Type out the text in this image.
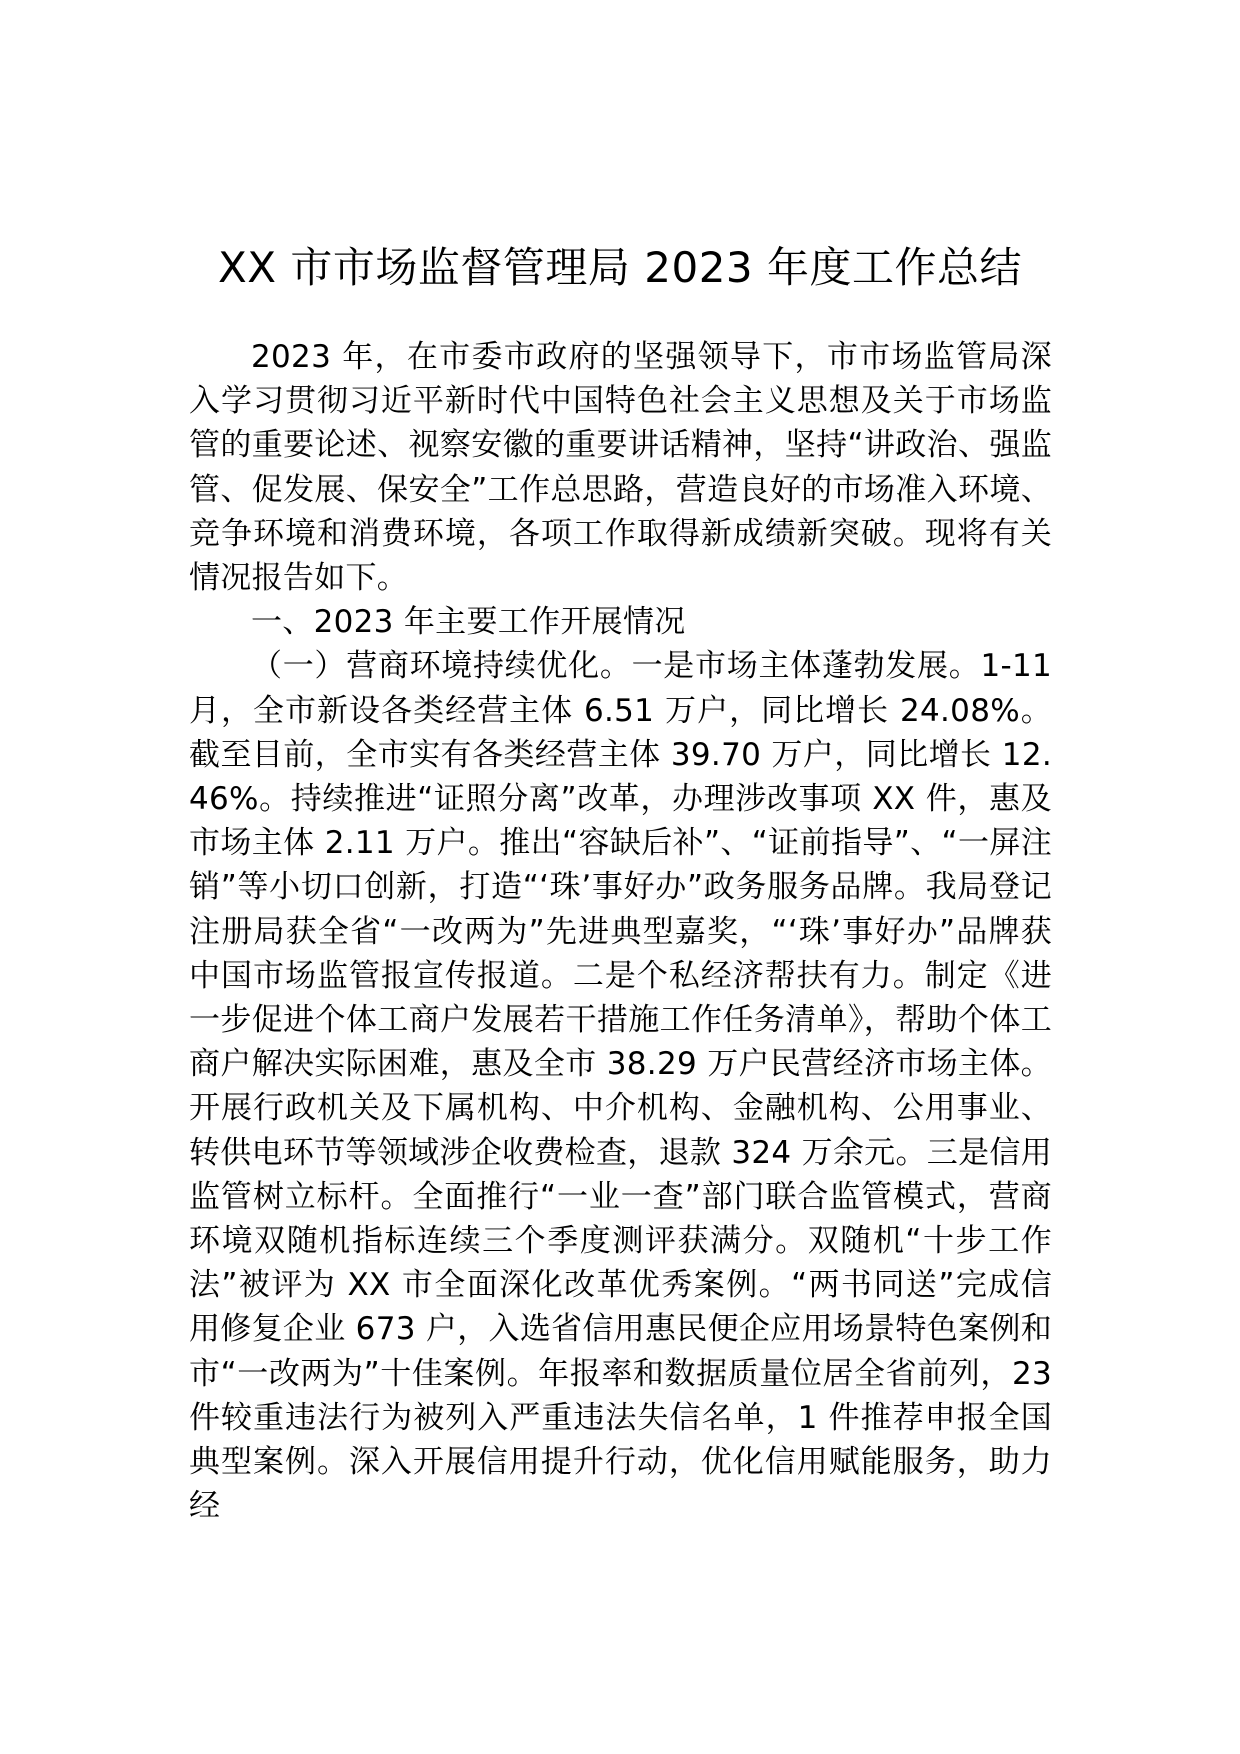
XX 市市场监督管理局 2023 年度工作总结

2023 年，在市委市政府的坚强领导下，市市场监管局深入学习贯彻习近平新时代中国特色社会主义思想及关于市场监管的重要论述、视察安徽的重要讲话精神，坚持“讲政治、强监管、促发展、保安全”工作总思路，营造良好的市场准入环境、竞争环境和消费环境，各项工作取得新成绩新突破。现将有关情况报告如下。

一、2023 年主要工作开展情况

（一）营商环境持续优化。一是市场主体蓬勃发展。1-11 月，全市新设各类经营主体 6.51 万户，同比增长 24.08%。截至目前，全市实有各类经营主体 39.70 万户，同比增长 12.46%。持续推进“证照分离”改革，办理涉改事项 XX 件，惠及市场主体 2.11 万户。推出“容缺后补”、“证前指导”、“一屏注销”等小切口创新，打造“‘珠’事好办”政务服务品牌。我局登记注册局获全省“一改两为”先进典型嘉奖，“‘珠’事好办”品牌获中国市场监管报宣传报道。二是个私经济帮扶有力。制定《进一步促进个体工商户发展若干措施工作任务清单》，帮助个体工商户解决实际困难，惠及全市 38.29 万户民营经济市场主体。开展行政机关及下属机构、中介机构、金融机构、公用事业、转供电环节等领域涉企收费检查，退款 324 万余元。三是信用监管树立标杆。全面推行“一业一查”部门联合监管模式，营商环境双随机指标连续三个季度测评获满分。双随机“十步工作法”被评为 XX 市全面深化改革优秀案例。“两书同送”完成信用修复企业 673 户，入选省信用惠民便企应用场景特色案例和市“一改两为”十佳案例。年报率和数据质量位居全省前列，23 件较重违法行为被列入严重违法失信名单，1 件推荐申报全国典型案例。深入开展信用提升行动，优化信用赋能服务，助力经
